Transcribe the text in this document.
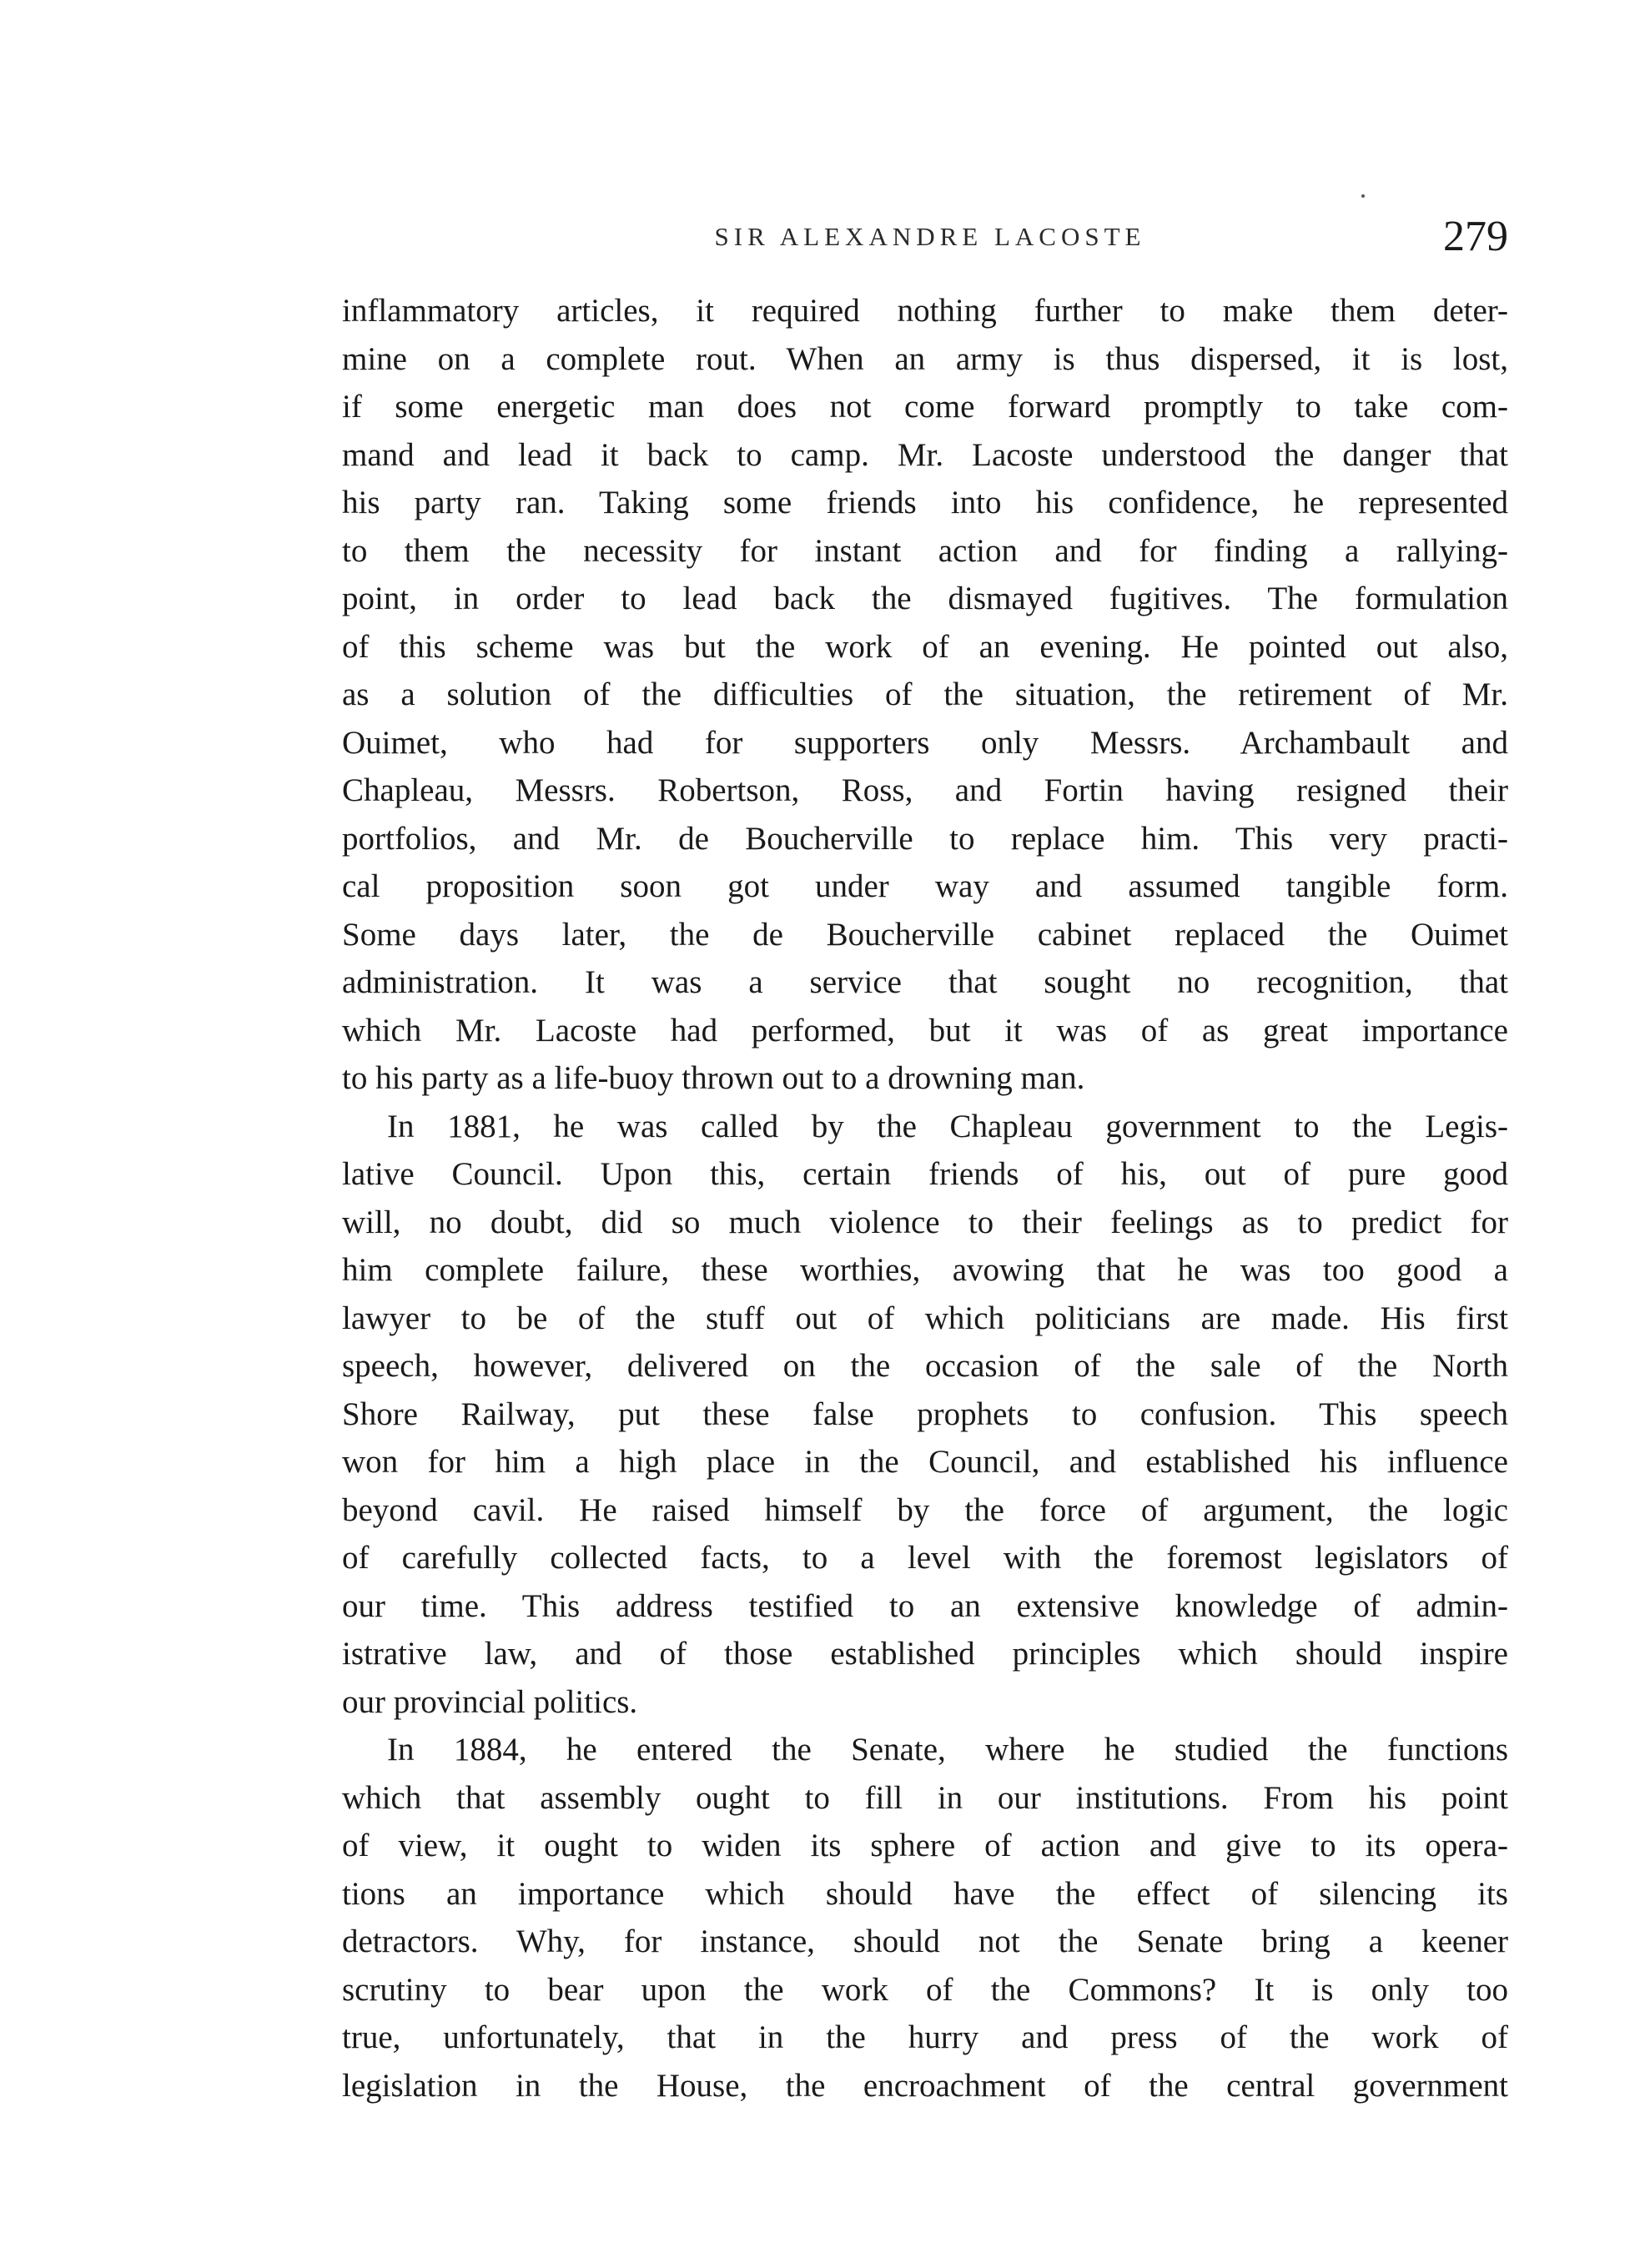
SIR ALEXANDRE LACOSTE	279
inflammatory articles, it required nothing further to make them deter-
mine on a complete rout. When an army is thus dispersed, it is lost,
if some energetic man does not come forward promptly to take com-
mand and lead it back to camp. Mr. Lacoste understood the danger that
his party ran. Taking some friends into his confidence, he represented
to them the necessity for instant action and for finding a rallying-
point, in order to lead back the dismayed fugitives. The formulation
of this scheme was but the work of an evening. He pointed out also,
as a solution of the difficulties of the situation, the retirement of Mr.
Ouimet, who had for supporters only Messrs. Archambault and
Chapleau, Messrs. Robertson, Ross, and Fortin having resigned their
portfolios, and Mr. de Boucherville to replace him. This very practi-
cal proposition soon got under way and assumed tangible form.
Some days later, the de Boucherville cabinet replaced the Ouimet
administration. It was a service that sought no recognition, that
which Mr. Lacoste had performed, but it was of as great importance
to his party as a life-buoy thrown out to a drowning man.
In 1881, he was called by the Chapleau government to the Legis-
lative Council. Upon this, certain friends of his, out of pure good
will, no doubt, did so much violence to their feelings as to predict for
him complete failure, these worthies, avowing that he was too good a
lawyer to be of the stuff out of which politicians are made. His first
speech, however, delivered on the occasion of the sale of the North
Shore Railway, put these false prophets to confusion. This speech
won for him a high place in the Council, and established his influence
beyond cavil. He raised himself by the force of argument, the logic
of carefully collected facts, to a level with the foremost legislators of
our time. This address testified to an extensive knowledge of admin-
istrative law, and of those established principles which should inspire
our provincial politics.
In 1884, he entered the Senate, where he studied the functions
which that assembly ought to fill in our institutions. From his point
of view, it ought to widen its sphere of action and give to its opera-
tions an importance which should have the effect of silencing its
detractors. Why, for instance, should not the Senate bring a keener
scrutiny to bear upon the work of the Commons? It is only too
true, unfortunately, that in the hurry and press of the work of
legislation in the House, the encroachment of the central government
